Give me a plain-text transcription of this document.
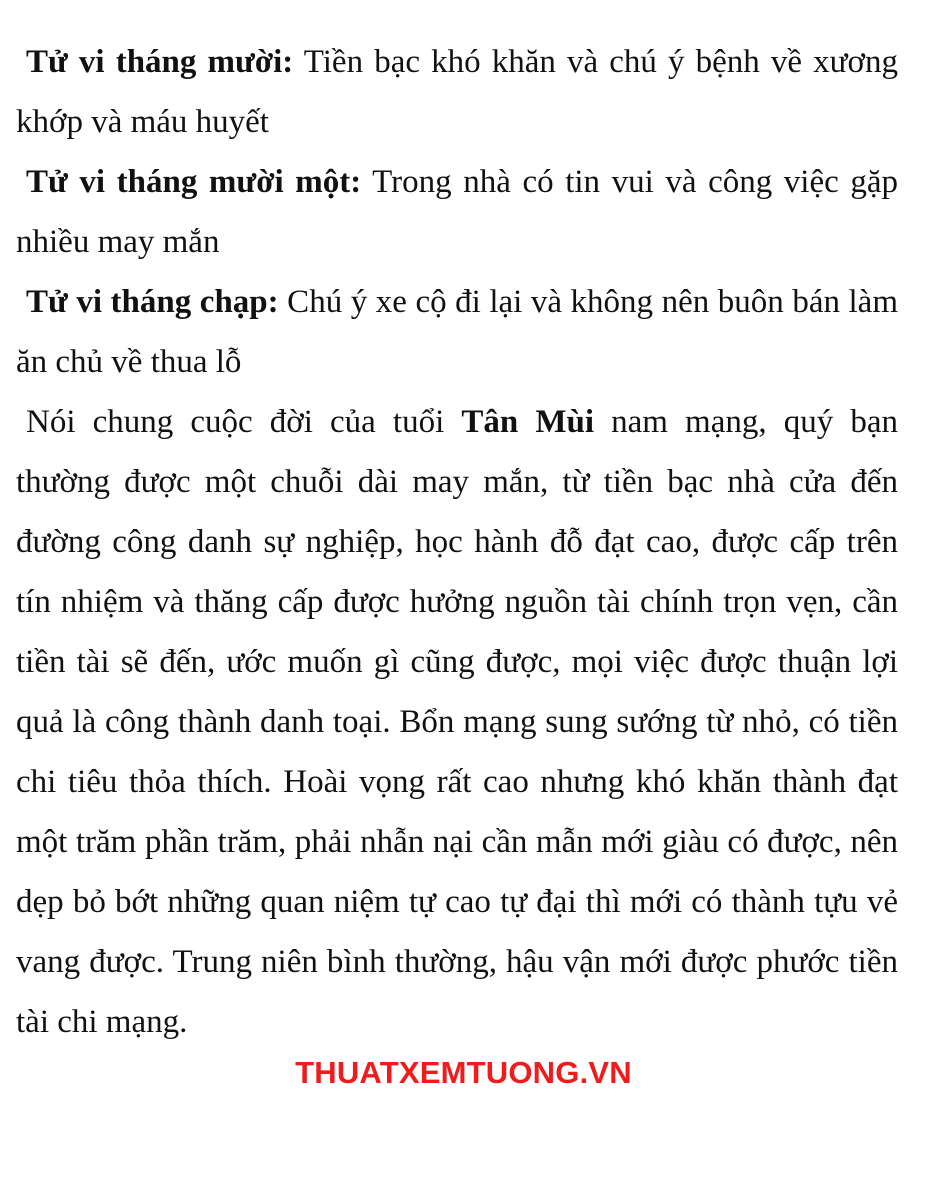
Tử vi tháng mười: Tiền bạc khó khăn và chú ý bệnh về xương khớp và máu huyết

Tử vi tháng mười một: Trong nhà có tin vui và công việc gặp nhiều may mắn

Tử vi tháng chạp: Chú ý xe cộ đi lại và không nên buôn bán làm ăn chủ về thua lỗ

Nói chung cuộc đời của tuổi Tân Mùi nam mạng, quý bạn thường được một chuỗi dài may mắn, từ tiền bạc nhà cửa đến đường công danh sự nghiệp, học hành đỗ đạt cao, được cấp trên tín nhiệm và thăng cấp được hưởng nguồn tài chính trọn vẹn, cần tiền tài sẽ đến, ước muốn gì cũng được, mọi việc được thuận lợi quả là công thành danh toại. Bổn mạng sung sướng từ nhỏ, có tiền chi tiêu thỏa thích. Hoài vọng rất cao nhưng khó khăn thành đạt một trăm phần trăm, phải nhẫn nại cần mẫn mới giàu có được, nên dẹp bỏ bớt những quan niệm tự cao tự đại thì mới có thành tựu vẻ vang được. Trung niên bình thường, hậu vận mới được phước tiền tài chi mạng.

THUATXEMTUONG.VN
